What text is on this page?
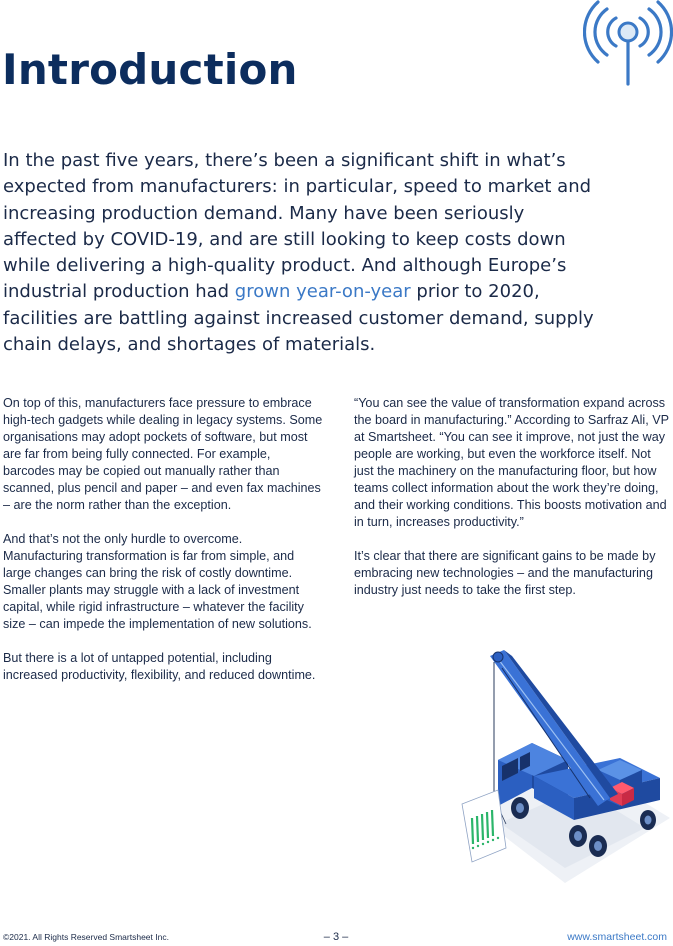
Introduction

In the past five years, there’s been a significant shift in what’s expected from manufacturers: in particular, speed to market and increasing production demand. Many have been seriously affected by COVID-19, and are still looking to keep costs down while delivering a high-quality product. And although Europe’s industrial production had grown year-on-year prior to 2020, facilities are battling against increased customer demand, supply chain delays, and shortages of materials.

On top of this, manufacturers face pressure to embrace high-tech gadgets while dealing in legacy systems. Some organisations may adopt pockets of software, but most are far from being fully connected. For example, barcodes may be copied out manually rather than scanned, plus pencil and paper – and even fax machines – are the norm rather than the exception.

And that’s not the only hurdle to overcome. Manufacturing transformation is far from simple, and large changes can bring the risk of costly downtime. Smaller plants may struggle with a lack of investment capital, while rigid infrastructure – whatever the facility size – can impede the implementation of new solutions.

But there is a lot of untapped potential, including increased productivity, flexibility, and reduced downtime.

“You can see the value of transformation expand across the board in manufacturing.” According to Sarfraz Ali, VP at Smartsheet. “You can see it improve, not just the way people are working, but even the workforce itself. Not just the machinery on the manufacturing floor, but how teams collect information about the work they’re doing, and their working conditions. This boosts motivation and in turn, increases productivity.”

It’s clear that there are significant gains to be made by embracing new technologies – and the manufacturing industry just needs to take the first step.

©2021. All Rights Reserved Smartsheet Inc.	– 3 –	www.smartsheet.com
